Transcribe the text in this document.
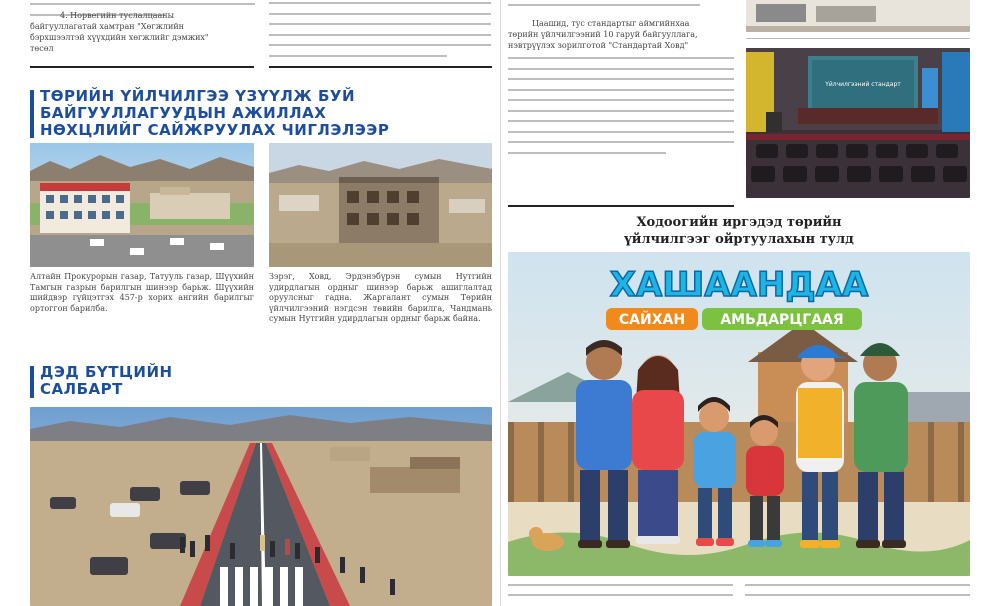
4. Норвегийн туслалцааны
байгууллагатай хамтран "Хөгжлийн
бэрхшээлтэй хүүхдийн хөгжлийг дэмжих"
төсөл
ТӨРИЙН ҮЙЛЧИЛГЭЭ ҮЗҮҮЛЖ БУЙ
БАЙГУУЛЛАГУУДЫН АЖИЛЛАХ
НӨХЦЛИЙГ САЙЖРУУЛАХ ЧИГЛЭЛЭЭР
Алтайн Прокурорын газар, Татууль газар, Шүүхийн Тамгын газрын барилгын шинээр барьж. Шүүхийн шийдвэр гүйцэтгэх 457-р хорих ангийн барилгыг ортоггон барилба.
Зэрэг, Ховд, Эрдэнэбүрэн сумын Нутгийн удирдлагын ордныг шинээр барьж ашиглалтад оруулсныг гадна. Жаргалант сумын Төрийн үйлчилгээний нэгдсэн төвийн барилга, Чандмань сумын Нутгийн удирдлагын ордныг барьж байна.
ДЭД БҮТЦИЙН
САЛБАРТ
Цаашид, тус стандартыг аймгийнхаа
төрийн үйлчилгээний 10 гаруй байгууллага,
нэвтрүүлэх зорилготой "Стандартай Ховд"
Үйлчилгээний стандарт
Ходоогийн иргэдэд төрийн
үйлчилгээг ойртуулахын тулд
ХАШААНДАА
САЙХАН	АМЬДАРЦГААЯ
